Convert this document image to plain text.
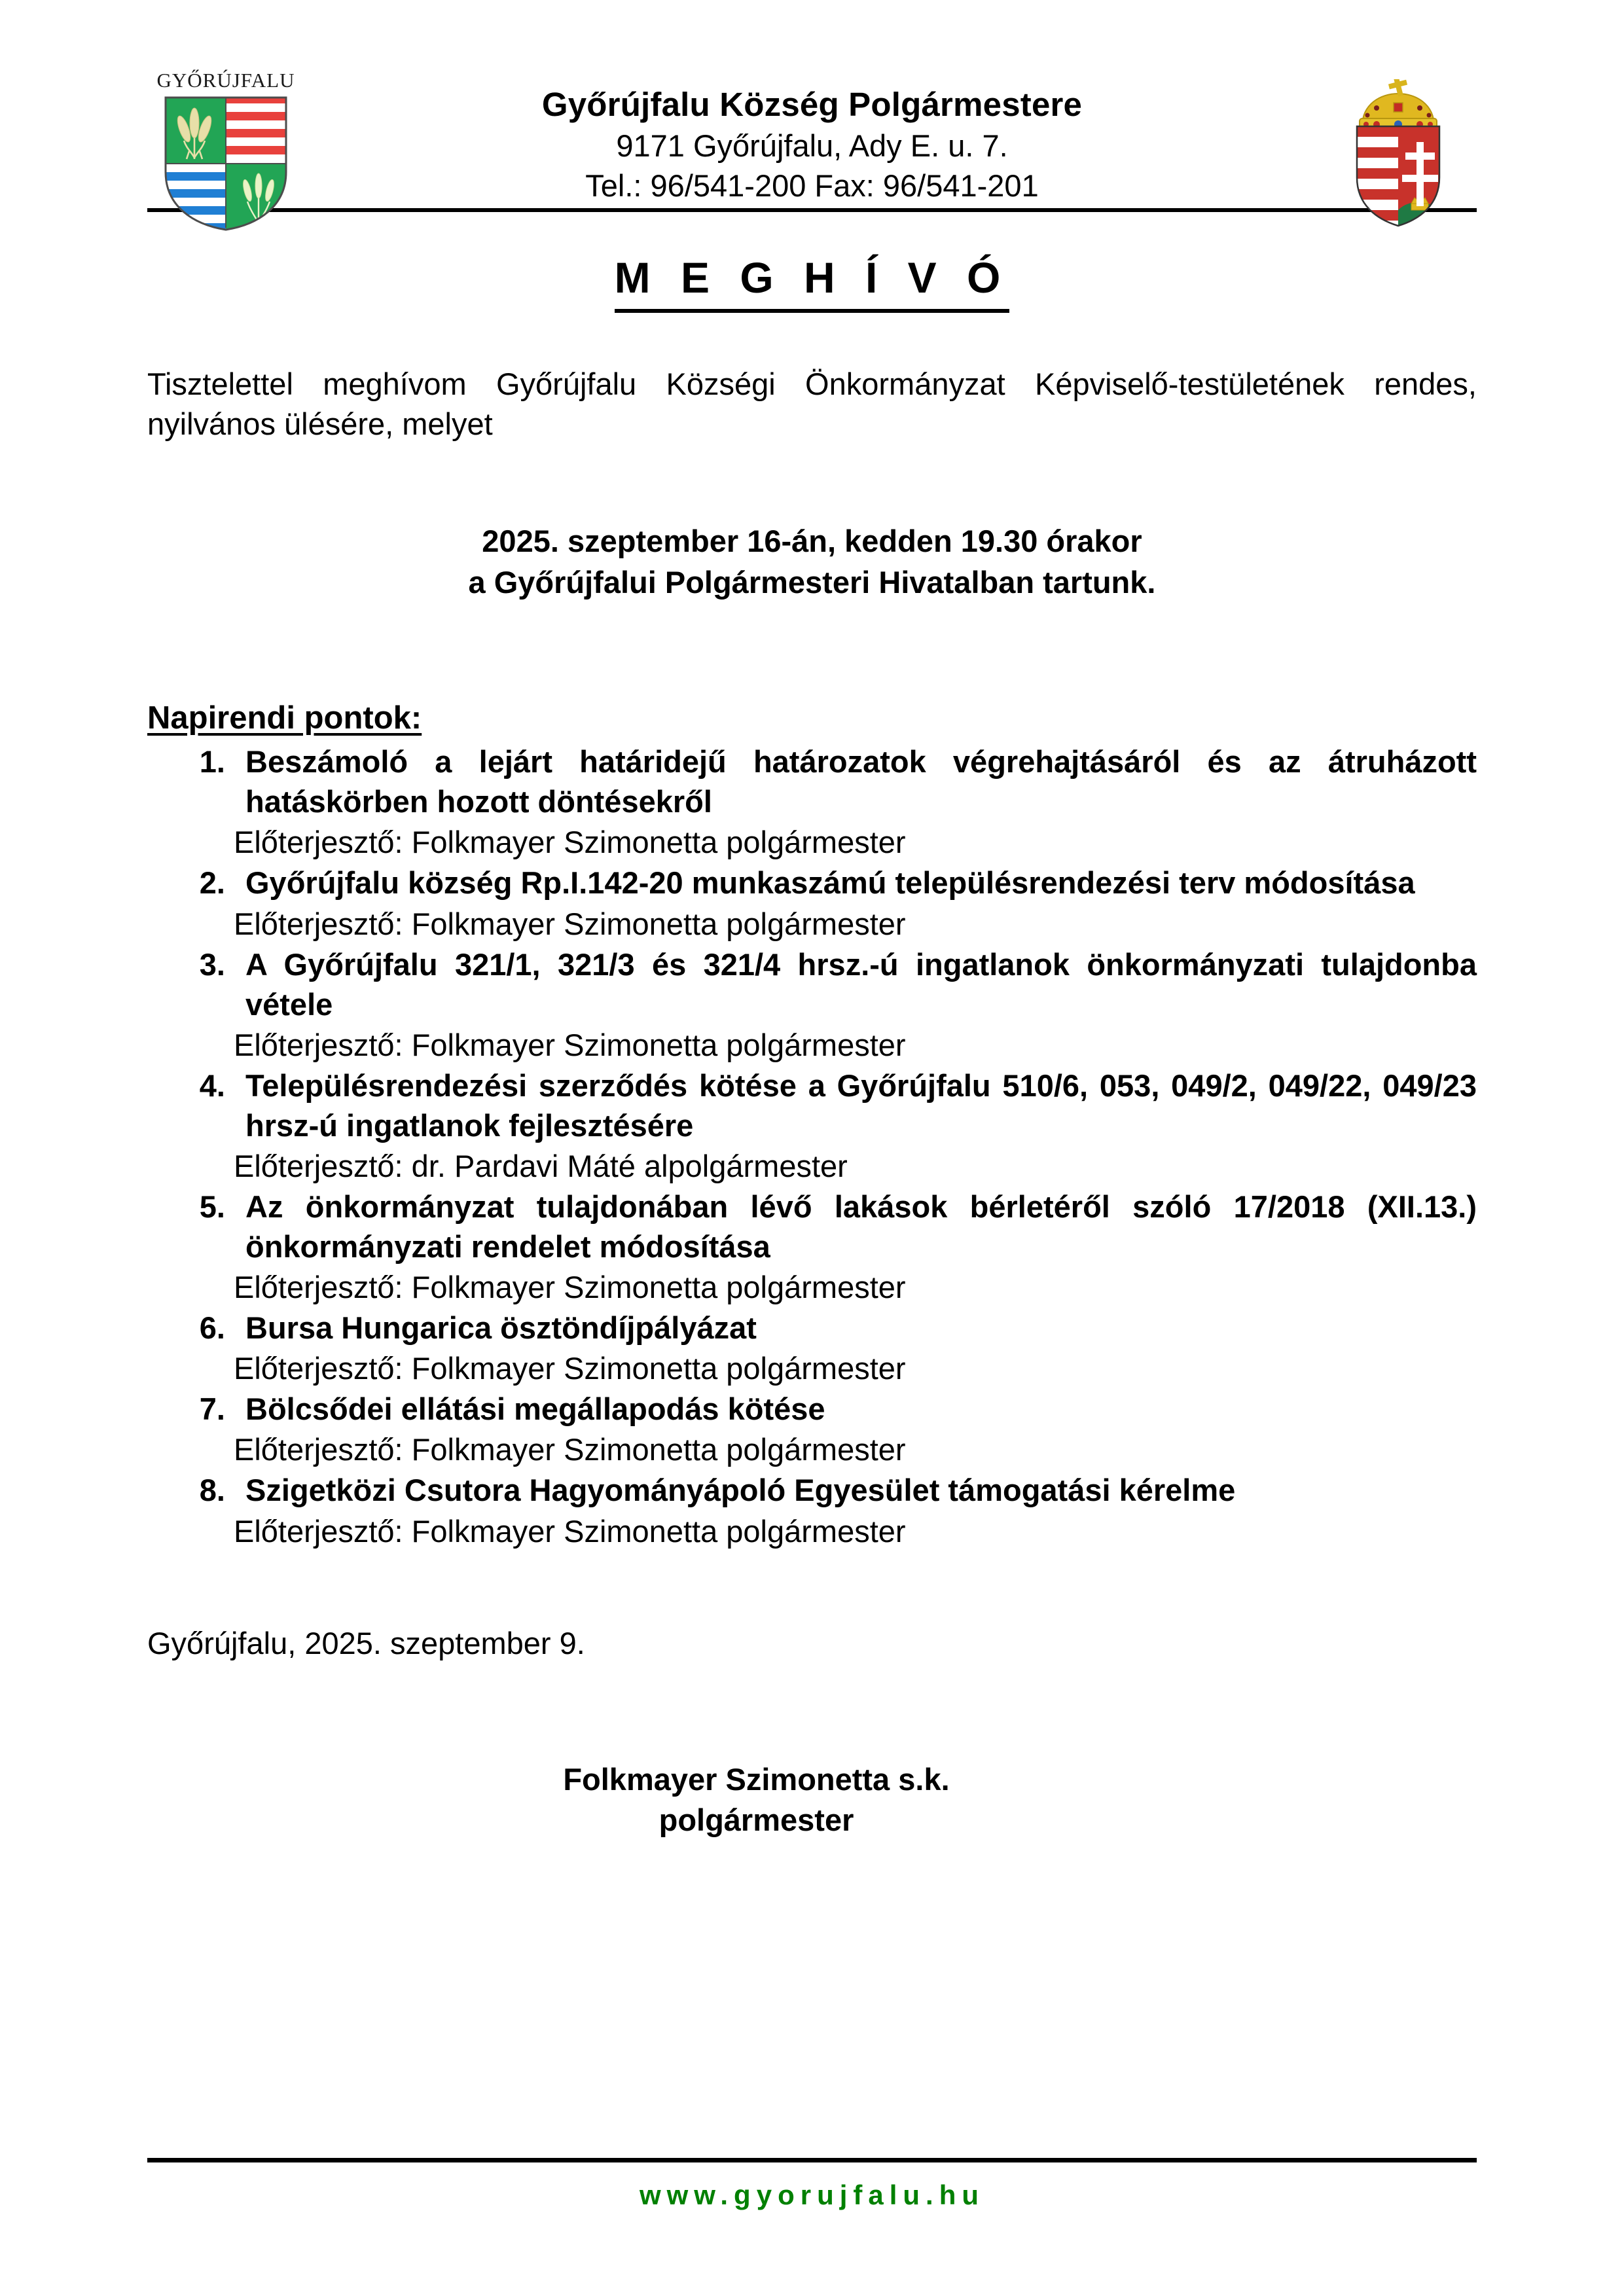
GYŐRÚJFALU
Győrújfalu Község Polgármestere
9171 Győrújfalu, Ady E. u. 7.
Tel.: 96/541-200 Fax: 96/541-201
M E G H Í V Ó

Tisztelettel meghívom Győrújfalu Községi Önkormányzat Képviselő-testületének rendes, nyilvános ülésére, melyet

2025. szeptember 16-án, kedden 19.30 órakor
a Győrújfalui Polgármesteri Hivatalban tartunk.
Napirendi pontok:
1. Beszámoló a lejárt határidejű határozatok végrehajtásáról és az átruházott hatáskörben hozott döntésekről
Előterjesztő: Folkmayer Szimonetta polgármester
2. Győrújfalu község Rp.I.142-20 munkaszámú településrendezési terv módosítása
Előterjesztő: Folkmayer Szimonetta polgármester
3. A Győrújfalu 321/1, 321/3 és 321/4 hrsz.-ú ingatlanok önkormányzati tulajdonba vétele
Előterjesztő: Folkmayer Szimonetta polgármester
4. Településrendezési szerződés kötése a Győrújfalu 510/6, 053, 049/2, 049/22, 049/23 hrsz-ú ingatlanok fejlesztésére
Előterjesztő: dr. Pardavi Máté alpolgármester
5. Az önkormányzat tulajdonában lévő lakások bérletéről szóló 17/2018 (XII.13.) önkormányzati rendelet módosítása
Előterjesztő: Folkmayer Szimonetta polgármester
6. Bursa Hungarica ösztöndíjpályázat
Előterjesztő: Folkmayer Szimonetta polgármester
7. Bölcsődei ellátási megállapodás kötése
Előterjesztő: Folkmayer Szimonetta polgármester
8. Szigetközi Csutora Hagyományápoló Egyesület támogatási kérelme
Előterjesztő: Folkmayer Szimonetta polgármester
Győrújfalu, 2025. szeptember 9.
Folkmayer Szimonetta s.k.
polgármester
www.gyorujfalu.hu
